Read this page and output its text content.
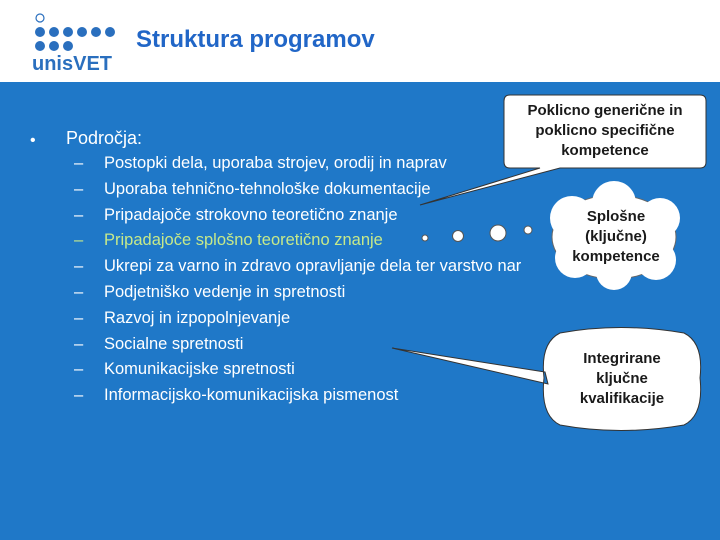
unisVET
Struktura programov
• Področja:
– Postopki dela, uporaba strojev, orodij in naprav
– Uporaba tehnično-tehnološke dokumentacije
– Pripadajoče strokovno teoretično znanje
– Pripadajoče splošno teoretično znanje
– Ukrepi za varno in zdravo opravljanje dela ter varstvo nar
– Podjetniško vedenje in spretnosti
– Razvoj in izpopolnjevanje
– Socialne spretnosti
– Komunikacijske spretnosti
– Informacijsko-komunikacijska pismenost
Poklicno generične in poklicno specifične kompetence
Splošne (ključne) kompetence
Integrirane ključne kvalifikacije
